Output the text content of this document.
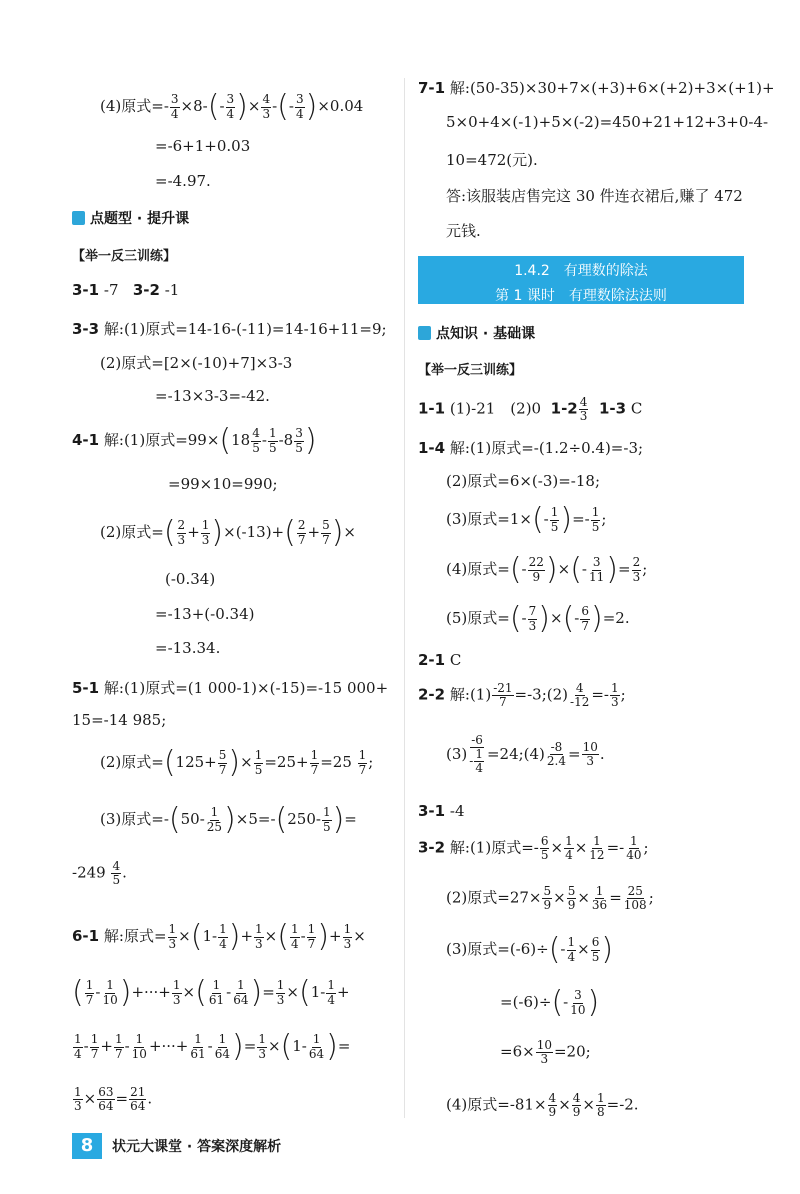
(4)原式=- $\frac{3}{4} \times 8-(- \frac{3}{4}$ )× $\frac{4}{3}$ -(- $\frac{3}{4} )\times 0.04$
=-6+1+0.03
=-4.97.
点题型 · 提升课
【举一反三训练】
3-1 -7 3-2 -1
3-3 解:(1)原式=14-16-(-11)=14-16+11=9;
(2)原式=[2×(-10)+7]×3-3
=-13×3-3=-42.
4-1 解:(1)原式$=99\times(18 \frac{4}{5} - \frac{1}{5} -8 \frac{3}{5}$ )
=99×10=990;
(2)原式=( $\frac{2}{3} + \frac{1}{3} )\times(-13)+( \frac{2}{7} + \frac{5}{7}$ )×
(-0.34)
=-13+(-0.34)
=-13.34.
5-1 解:(1)原式=(1 000-1)×(-15)=-15 000+
15=-14 985;
(2)原式$=(125+ \frac{5}{7}$ )× $\frac{1}{5} =25+ \frac{1}{7} =25 \frac{1}{7}$ ;
(3)原式$=-(50- \frac{1}{25} )\times 5=-(250- \frac{1}{5}$ )=
$-249 \frac{4}{5}$ .
6-1 解:原式= $\frac{1}{3} \times(1- \frac{1}{4}$ )+ $\frac{1}{3}$ ×( $\frac{1}{4} - \frac{1}{7}$ )+ $\frac{1}{3}$ ×
( $\frac{1}{7} - \frac{1}{10}$ )+···+ $\frac{1}{3}$ ×( $\frac{1}{61} - \frac{1}{64}$ )= $\frac{1}{3} \times(1- \frac{1}{4}$ +
$\frac{1}{4} - \frac{1}{7} + \frac{1}{7} - \frac{1}{10}$ +···+ $\frac{1}{61} - \frac{1}{64}$ )= $\frac{1}{3} \times(1- \frac{1}{64}$ )=
$\frac{1}{3} \times \frac{63}{64} = \frac{21}{64}$ .
7-1 解:(50-35)×30+7×(+3)+6×(+2)+3×(+1)+
5×0+4×(-1)+5×(-2)=450+21+12+3+0-4-
10=472(元).
答:该服装店售完这 30 件连衣裙后,赚了 472
元钱.
1.4.2　有理数的除法
第 1 课时　有理数除法法则
点知识 · 基础课
【举一反三训练】
1-1 (1)-21　(2)0 $1-2 \frac{4}{3} 1-3$ C
1-4 解:(1)原式=-(1.2÷0.4)=-3;
(2)原式=6×(-3)=-18;
(3)原式$=1\times(- \frac{1}{5}$ )=- $\frac{1}{5}$ ;
(4)原式=(- $\frac{22}{9}$ )×(- $\frac{3}{11}$ )= $\frac{2}{3}$ ;
(5)原式=(- $\frac{7}{3}$ )×(- $\frac{6}{7} )=2$.
2-1 C
2-2 解:(1) $\frac{-21}{7}$ =-3;(2) $\frac{4}{-12} =- \frac{1}{3}$ ;
$(3) \frac{-6}{- \frac{1}{4}}$ =24;(4) $\frac{-8}{2.4} = \frac{10}{3}$ .
3-1 -4
3-2 解:(1)原式=- $\frac{6}{5} \times \frac{1}{4} \times \frac{1}{12} =- \frac{1}{40}$ ;
(2)原式$=27\times \frac{5}{9} \times \frac{5}{9} \times \frac{1}{36} = \frac{25}{108}$ ;
(3)原式$=(-6)\div(- \frac{1}{4} \times \frac{6}{5}$ )
$=(-6)\div(- \frac{3}{10}$ )
$=6\times \frac{10}{3} =20$;
(4)原式$=-81\times \frac{4}{9} \times \frac{4}{9} \times \frac{1}{8} =-2$.
8	状元大课堂 · 答案深度解析
